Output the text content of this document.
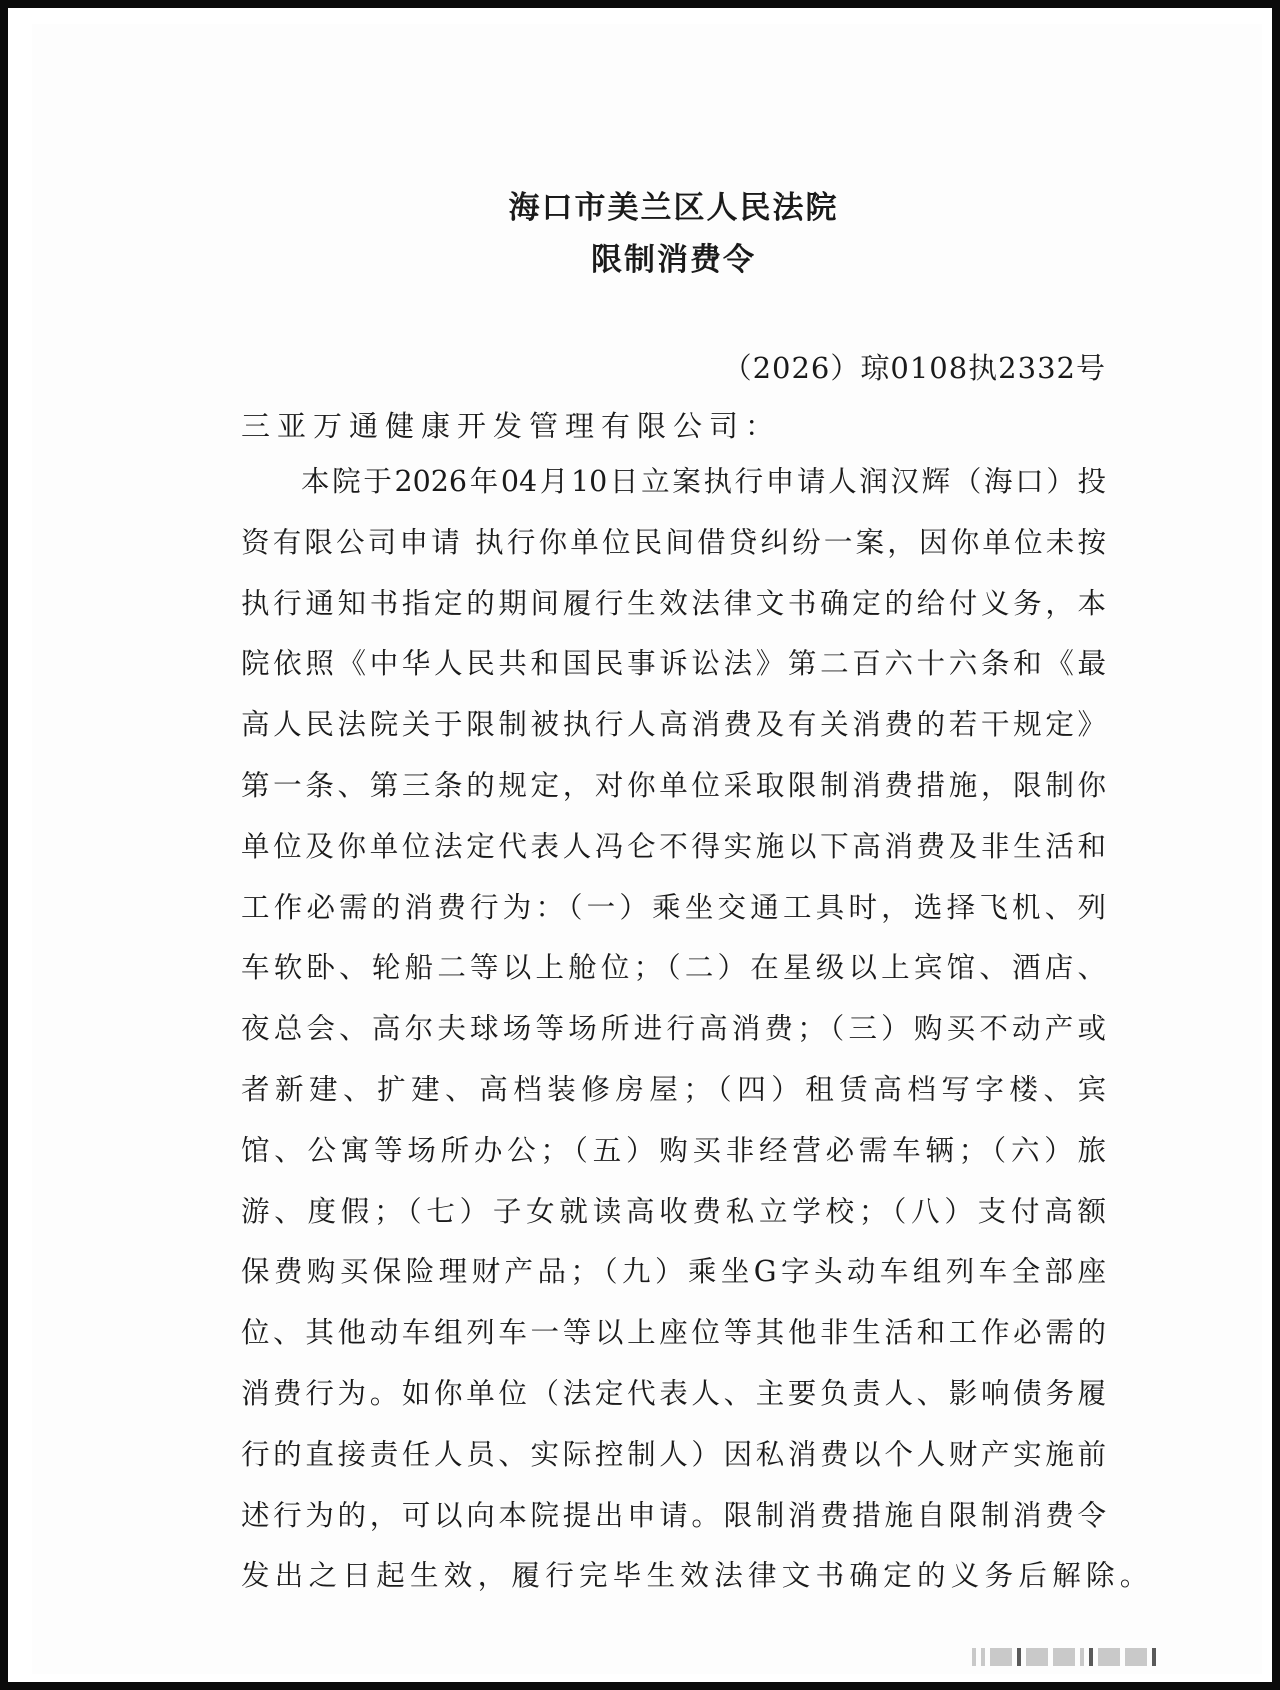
海口市美兰区人民法院
限制消费令
（2026）琼0108执2332号
三亚万通健康开发管理有限公司：
本院于2026年04月10日立案执行申请人润汉辉（海口）投
资有限公司申请 执行你单位民间借贷纠纷一案，因你单位未按
执行通知书指定的期间履行生效法律文书确定的给付义务，本
院依照《中华人民共和国民事诉讼法》第二百六十六条和《最
高人民法院关于限制被执行人高消费及有关消费的若干规定》
第一条、第三条的规定，对你单位采取限制消费措施，限制你
单位及你单位法定代表人冯仑不得实施以下高消费及非生活和
工作必需的消费行为：（一）乘坐交通工具时，选择飞机、列
车软卧、轮船二等以上舱位；（二）在星级以上宾馆、酒店、
夜总会、高尔夫球场等场所进行高消费；（三）购买不动产或
者新建、扩建、高档装修房屋；（四）租赁高档写字楼、宾
馆、公寓等场所办公；（五）购买非经营必需车辆；（六）旅
游、度假；（七）子女就读高收费私立学校；（八）支付高额
保费购买保险理财产品；（九）乘坐G字头动车组列车全部座
位、其他动车组列车一等以上座位等其他非生活和工作必需的
消费行为。如你单位（法定代表人、主要负责人、影响债务履
行的直接责任人员、实际控制人）因私消费以个人财产实施前
述行为的，可以向本院提出申请。限制消费措施自限制消费令
发出之日起生效，履行完毕生效法律文书确定的义务后解除。
